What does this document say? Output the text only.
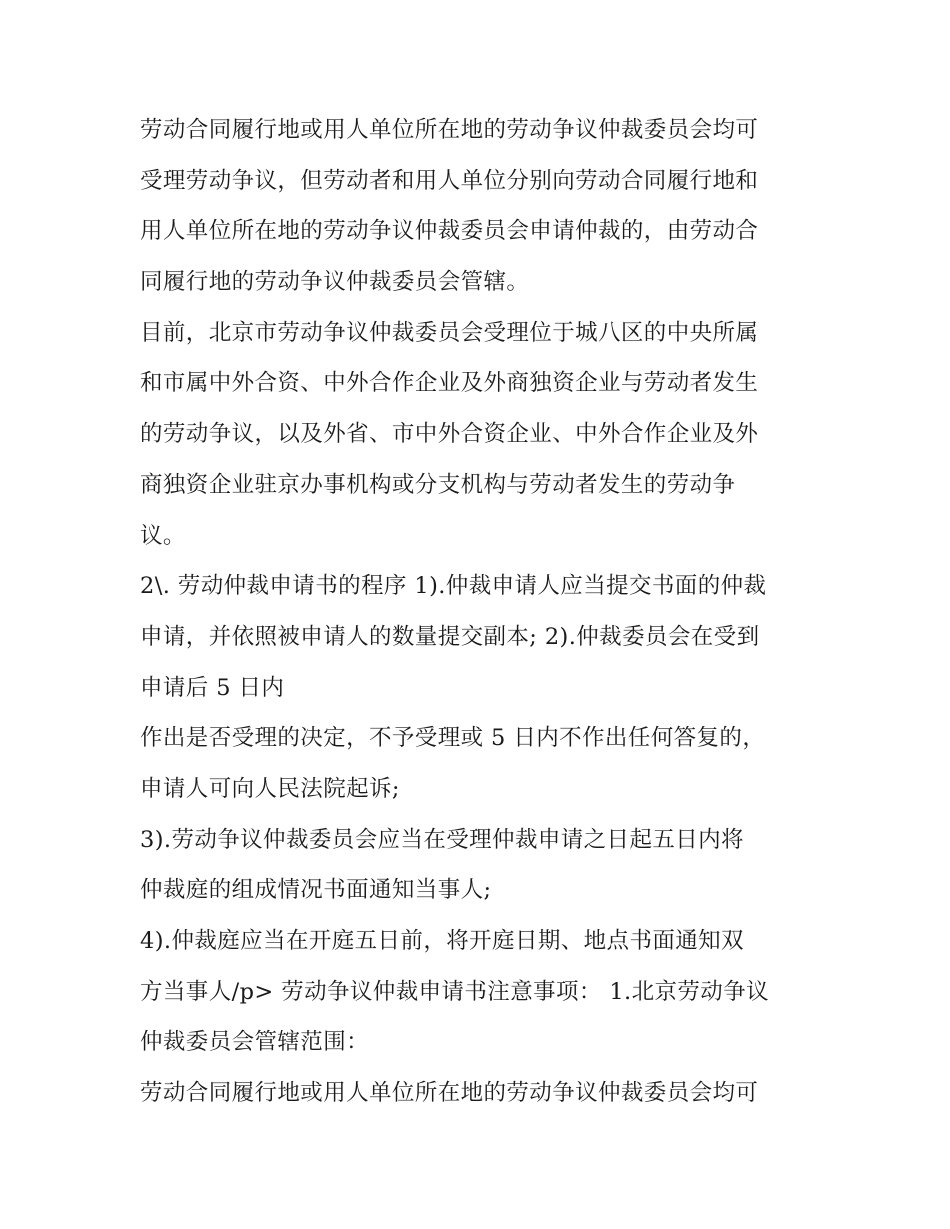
劳动合同履行地或用人单位所在地的劳动争议仲裁委员会均可
受理劳动争议，但劳动者和用人单位分别向劳动合同履行地和
用人单位所在地的劳动争议仲裁委员会申请仲裁的，由劳动合
同履行地的劳动争议仲裁委员会管辖。
目前，北京市劳动争议仲裁委员会受理位于城八区的中央所属
和市属中外合资、中外合作企业及外商独资企业与劳动者发生
的劳动争议，以及外省、市中外合资企业、中外合作企业及外
商独资企业驻京办事机构或分支机构与劳动者发生的劳动争
议。
2\. 劳动仲裁申请书的程序 1).仲裁申请人应当提交书面的仲裁
申请，并依照被申请人的数量提交副本; 2).仲裁委员会在受到
申请后 5 日内
作出是否受理的决定，不予受理或 5 日内不作出任何答复的，
申请人可向人民法院起诉;
3).劳动争议仲裁委员会应当在受理仲裁申请之日起五日内将
仲裁庭的组成情况书面通知当事人;
4).仲裁庭应当在开庭五日前，将开庭日期、地点书面通知双
方当事人/p> 劳动争议仲裁申请书注意事项： 1.北京劳动争议
仲裁委员会管辖范围：
劳动合同履行地或用人单位所在地的劳动争议仲裁委员会均可
